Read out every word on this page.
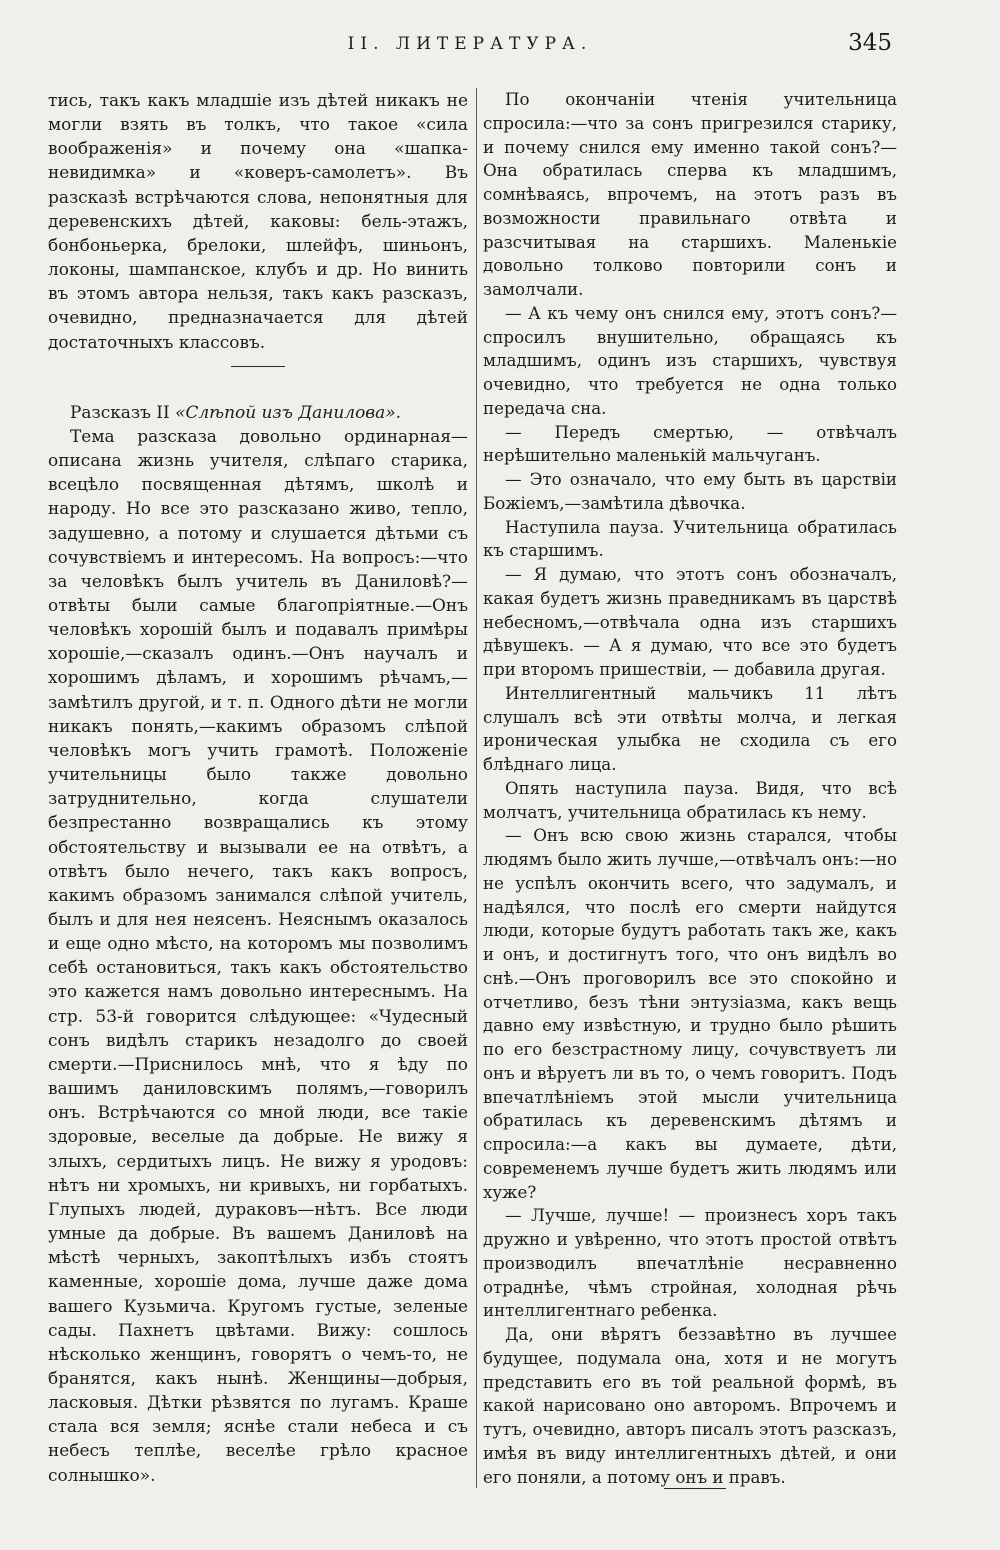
II. ЛИТЕРАТУРА.	345

тись, такъ какъ младшіе изъ дѣтей никакъ не могли взять въ толкъ, что такое «сила воображенія» и почему она «шапка-невидимка» и «коверъ-самолетъ». Въ разсказѣ встрѣчаются слова, непонятныя для деревенскихъ дѣтей, каковы: бель-этажъ, бонбоньерка, брелоки, шлейфъ, шиньонъ, локоны, шампанское, клубъ и др. Но винить въ этомъ автора нельзя, такъ какъ разсказъ, очевидно, предназначается для дѣтей достаточныхъ классовъ.

Разсказъ II «Слѣпой изъ Данилова».

Тема разсказа довольно ординарная—описана жизнь учителя, слѣпаго старика, всецѣло посвященная дѣтямъ, школѣ и народу. Но все это разсказано живо, тепло, задушевно, а потому и слушается дѣтьми съ сочувствіемъ и интересомъ. На вопросъ:—что за человѣкъ былъ учитель въ Даниловѣ?—отвѣты были самые благопріятные.—Онъ человѣкъ хорошій былъ и подавалъ примѣры хорошіе,—сказалъ одинъ.—Онъ научалъ и хорошимъ дѣламъ, и хорошимъ рѣчамъ,—замѣтилъ другой, и т. п. Одного дѣти не могли никакъ понять,—какимъ образомъ слѣпой человѣкъ могъ учить грамотѣ. Положеніе учительницы было также довольно затруднительно, когда слушатели безпрестанно возвращались къ этому обстоятельству и вызывали ее на отвѣтъ, а отвѣтъ было нечего, такъ какъ вопросъ, какимъ образомъ занимался слѣпой учитель, былъ и для нея неясенъ. Неяснымъ оказалось и еще одно мѣсто, на которомъ мы позволимъ себѣ остановиться, такъ какъ обстоятельство это кажется намъ довольно интереснымъ. На стр. 53-й говорится слѣдующее: «Чудесный сонъ видѣлъ старикъ незадолго до своей смерти.—Приснилось мнѣ, что я ѣду по вашимъ даниловскимъ полямъ,—говорилъ онъ. Встрѣчаются со мной люди, все такіе здоровые, веселые да добрые. Не вижу я злыхъ, сердитыхъ лицъ. Не вижу я уродовъ: нѣтъ ни хромыхъ, ни кривыхъ, ни горбатыхъ. Глупыхъ людей, дураковъ—нѣтъ. Все люди умные да добрые. Въ вашемъ Даниловѣ на мѣстѣ черныхъ, закоптѣлыхъ избъ стоятъ каменные, хорошіе дома, лучше даже дома вашего Кузьмича. Кругомъ густые, зеленые сады. Пахнетъ цвѣтами. Вижу: сошлось нѣсколько женщинъ, говорятъ о чемъ-то, не бранятся, какъ нынѣ. Женщины—добрыя, ласковыя. Дѣтки рѣзвятся по лугамъ. Краше стала вся земля; яснѣе стали небеса и съ небесъ теплѣе, веселѣе грѣло красное солнышко».

По окончаніи чтенія учительница спросила:—что за сонъ пригрезился старику, и почему снился ему именно такой сонъ?—Она обратилась сперва къ младшимъ, сомнѣваясь, впрочемъ, на этотъ разъ въ возможности правильнаго отвѣта и разсчитывая на старшихъ. Маленькіе довольно толково повторили сонъ и замолчали.

— А къ чему онъ снился ему, этотъ сонъ?—спросилъ внушительно, обращаясь къ младшимъ, одинъ изъ старшихъ, чувствуя очевидно, что требуется не одна только передача сна.

— Передъ смертью, — отвѣчалъ нерѣшительно маленькій мальчуганъ.

— Это означало, что ему быть въ царствіи Божіемъ,—замѣтила дѣвочка.

Наступила пауза. Учительница обратилась къ старшимъ.

— Я думаю, что этотъ сонъ обозначалъ, какая будетъ жизнь праведникамъ въ царствѣ небесномъ,—отвѣчала одна изъ старшихъ дѣвушекъ. — А я думаю, что все это будетъ при второмъ пришествіи, — добавила другая.

Интеллигентный мальчикъ 11 лѣтъ слушалъ всѣ эти отвѣты молча, и легкая ироническая улыбка не сходила съ его блѣднаго лица.

Опять наступила пауза. Видя, что всѣ молчатъ, учительница обратилась къ нему.

— Онъ всю свою жизнь старался, чтобы людямъ было жить лучше,—отвѣчалъ онъ:—но не успѣлъ окончить всего, что задумалъ, и надѣялся, что послѣ его смерти найдутся люди, которые будутъ работать такъ же, какъ и онъ, и достигнутъ того, что онъ видѣлъ во снѣ.—Онъ проговорилъ все это спокойно и отчетливо, безъ тѣни энтузіазма, какъ вещь давно ему извѣстную, и трудно было рѣшить по его безстрастному лицу, сочувствуетъ ли онъ и вѣруетъ ли въ то, о чемъ говоритъ. Подъ впечатлѣніемъ этой мысли учительница обратилась къ деревенскимъ дѣтямъ и спросила:—а какъ вы думаете, дѣти, современемъ лучше будетъ жить людямъ или хуже?

— Лучше, лучше! — произнесъ хоръ такъ дружно и увѣренно, что этотъ простой отвѣтъ производилъ впечатлѣніе несравненно отраднѣе, чѣмъ стройная, холодная рѣчь интеллигентнаго ребенка.

Да, они вѣрятъ беззавѣтно въ лучшее будущее, подумала она, хотя и не могутъ представить его въ той реальной формѣ, въ какой нарисовано оно авторомъ. Впрочемъ и тутъ, очевидно, авторъ писалъ этотъ разсказъ, имѣя въ виду интеллигентныхъ дѣтей, и они его поняли, а потому онъ и правъ.
